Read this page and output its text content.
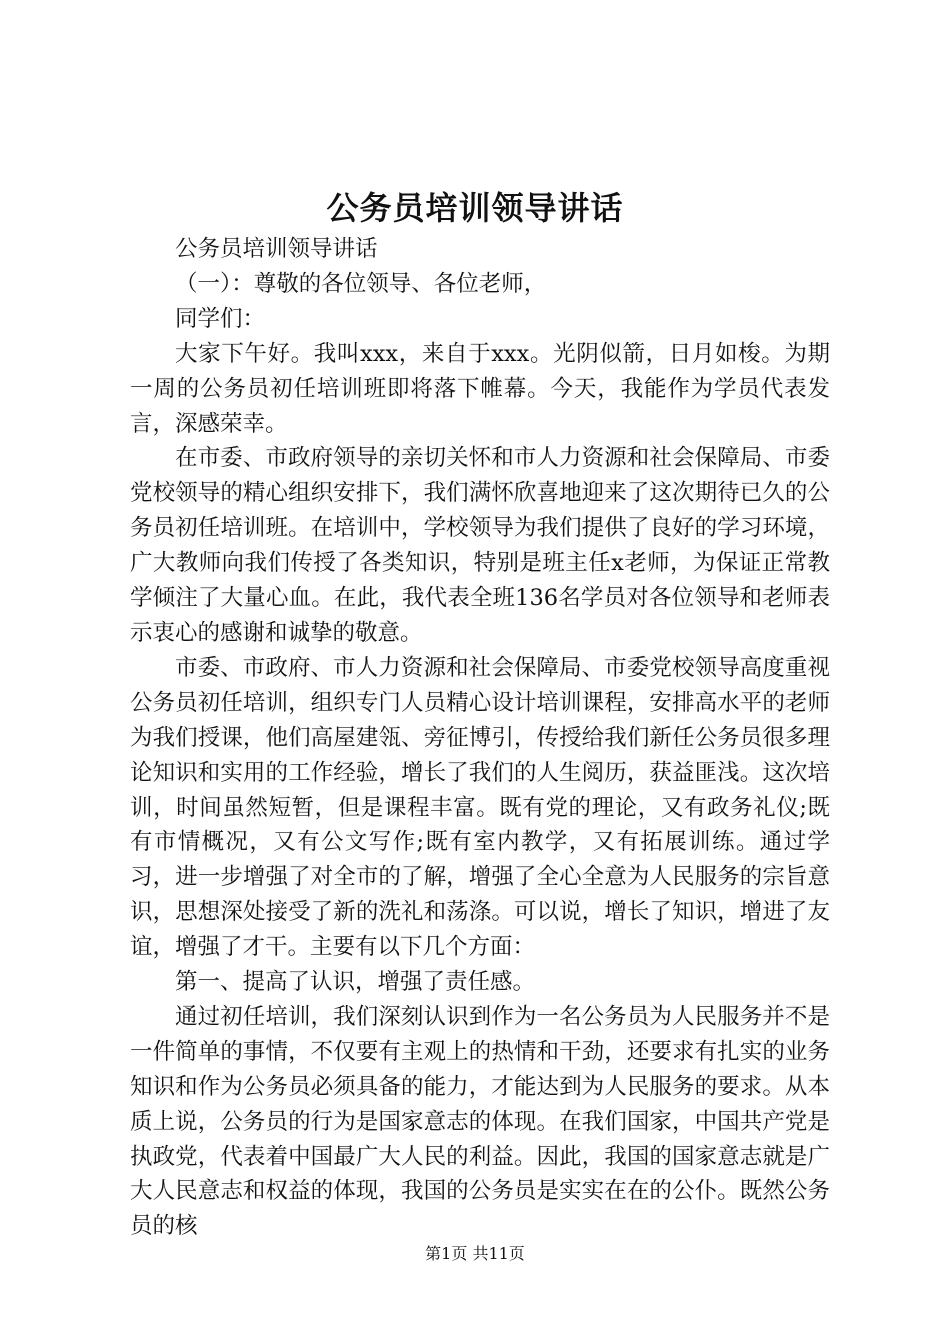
公务员培训领导讲话

公务员培训领导讲话

（一）：尊敬的各位领导、各位老师，

同学们：

大家下午好。我叫xxx，来自于xxx。光阴似箭，日月如梭。为期一周的公务员初任培训班即将落下帷幕。今天，我能作为学员代表发言，深感荣幸。

在市委、市政府领导的亲切关怀和市人力资源和社会保障局、市委党校领导的精心组织安排下，我们满怀欣喜地迎来了这次期待已久的公务员初任培训班。在培训中，学校领导为我们提供了良好的学习环境，广大教师向我们传授了各类知识，特别是班主任x老师，为保证正常教学倾注了大量心血。在此，我代表全班136名学员对各位领导和老师表示衷心的感谢和诚挚的敬意。

市委、市政府、市人力资源和社会保障局、市委党校领导高度重视公务员初任培训，组织专门人员精心设计培训课程，安排高水平的老师为我们授课，他们高屋建瓴、旁征博引，传授给我们新任公务员很多理论知识和实用的工作经验，增长了我们的人生阅历，获益匪浅。这次培训，时间虽然短暂，但是课程丰富。既有党的理论，又有政务礼仪;既有市情概况，又有公文写作;既有室内教学，又有拓展训练。通过学习，进一步增强了对全市的了解，增强了全心全意为人民服务的宗旨意识，思想深处接受了新的洗礼和荡涤。可以说，增长了知识，增进了友谊，增强了才干。主要有以下几个方面：

第一、提高了认识，增强了责任感。

通过初任培训，我们深刻认识到作为一名公务员为人民服务并不是一件简单的事情，不仅要有主观上的热情和干劲，还要求有扎实的业务知识和作为公务员必须具备的能力，才能达到为人民服务的要求。从本质上说，公务员的行为是国家意志的体现。在我们国家，中国共产党是执政党，代表着中国最广大人民的利益。因此，我国的国家意志就是广大人民意志和权益的体现，我国的公务员是实实在在的公仆。既然公务员的核

第1页 共11页
